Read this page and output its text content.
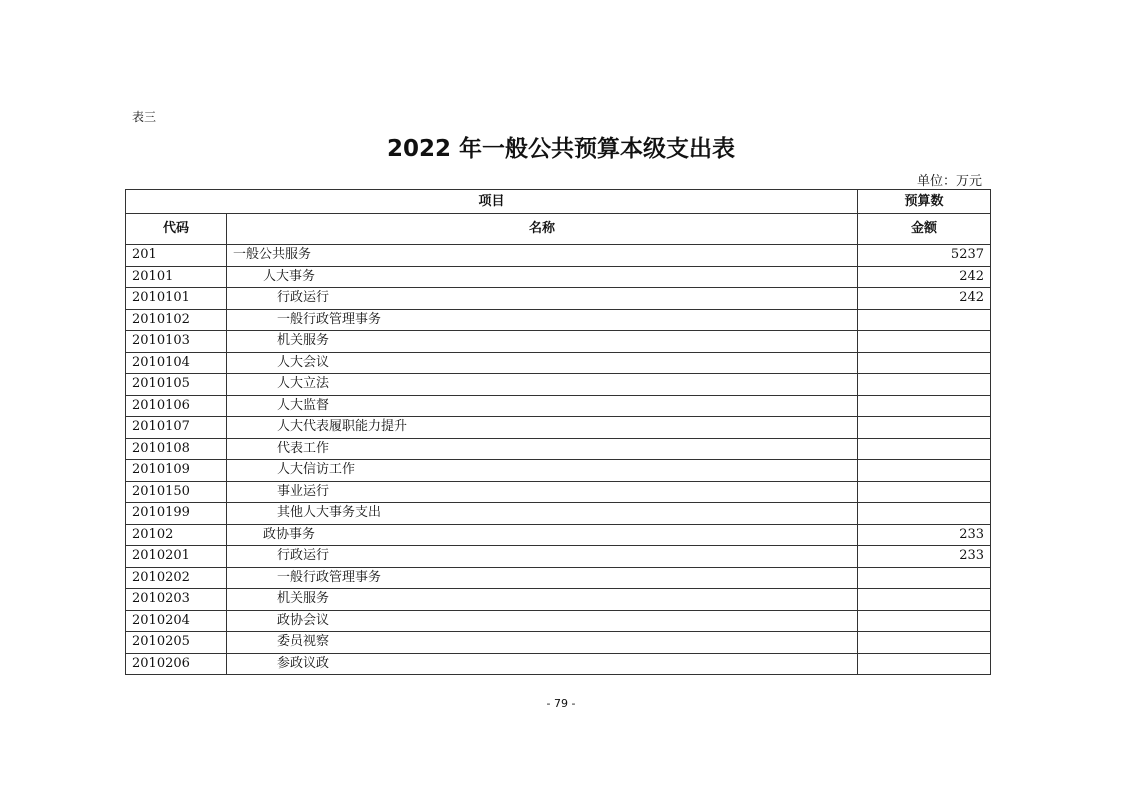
表三
2022 年一般公共预算本级支出表
单位：万元
项目		预算数
代码	名称	金额
201	一般公共服务	5237
20101	人大事务	242
2010101	行政运行	242
2010102	一般行政管理事务	
2010103	机关服务	
2010104	人大会议	
2010105	人大立法	
2010106	人大监督	
2010107	人大代表履职能力提升	
2010108	代表工作	
2010109	人大信访工作	
2010150	事业运行	
2010199	其他人大事务支出	
20102	政协事务	233
2010201	行政运行	233
2010202	一般行政管理事务	
2010203	机关服务	
2010204	政协会议	
2010205	委员视察	
2010206	参政议政	
- 79 -
